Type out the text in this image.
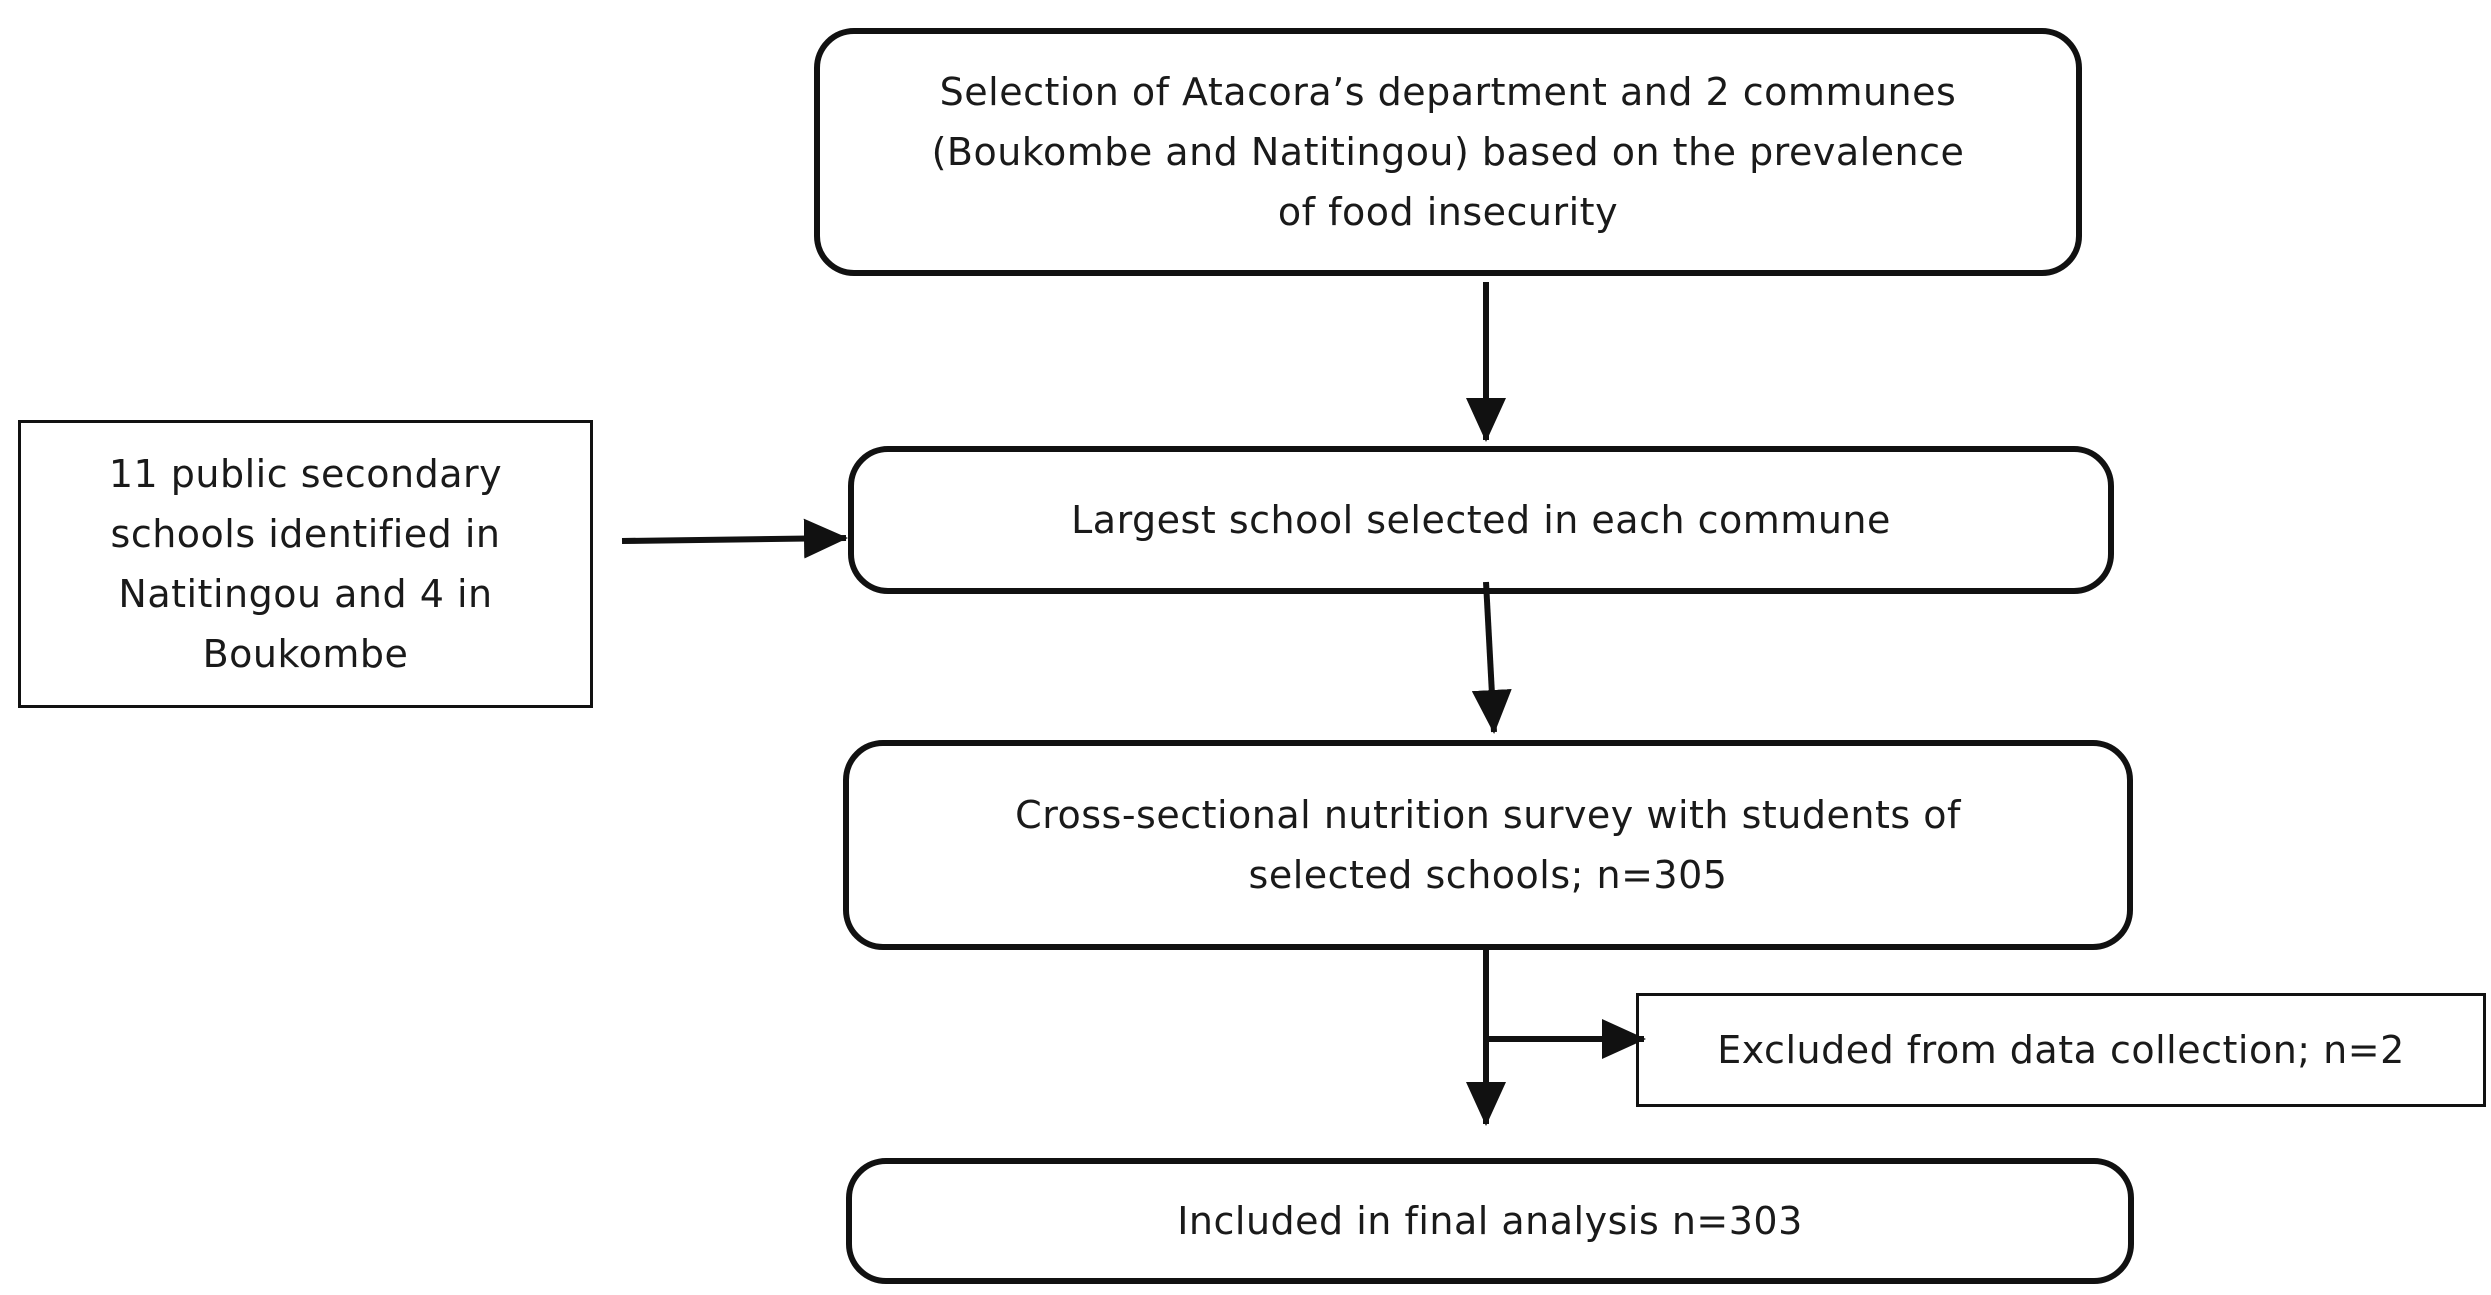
Selection of Atacora’s department and 2 communes
(Boukombe and Natitingou) based on the prevalence
of food insecurity
11 public secondary
schools identified in
Natitingou and 4 in
Boukombe
Largest school selected in each commune
Cross-sectional nutrition survey with students of
selected schools; n=305
Excluded from data collection; n=2
Included in final analysis n=303
